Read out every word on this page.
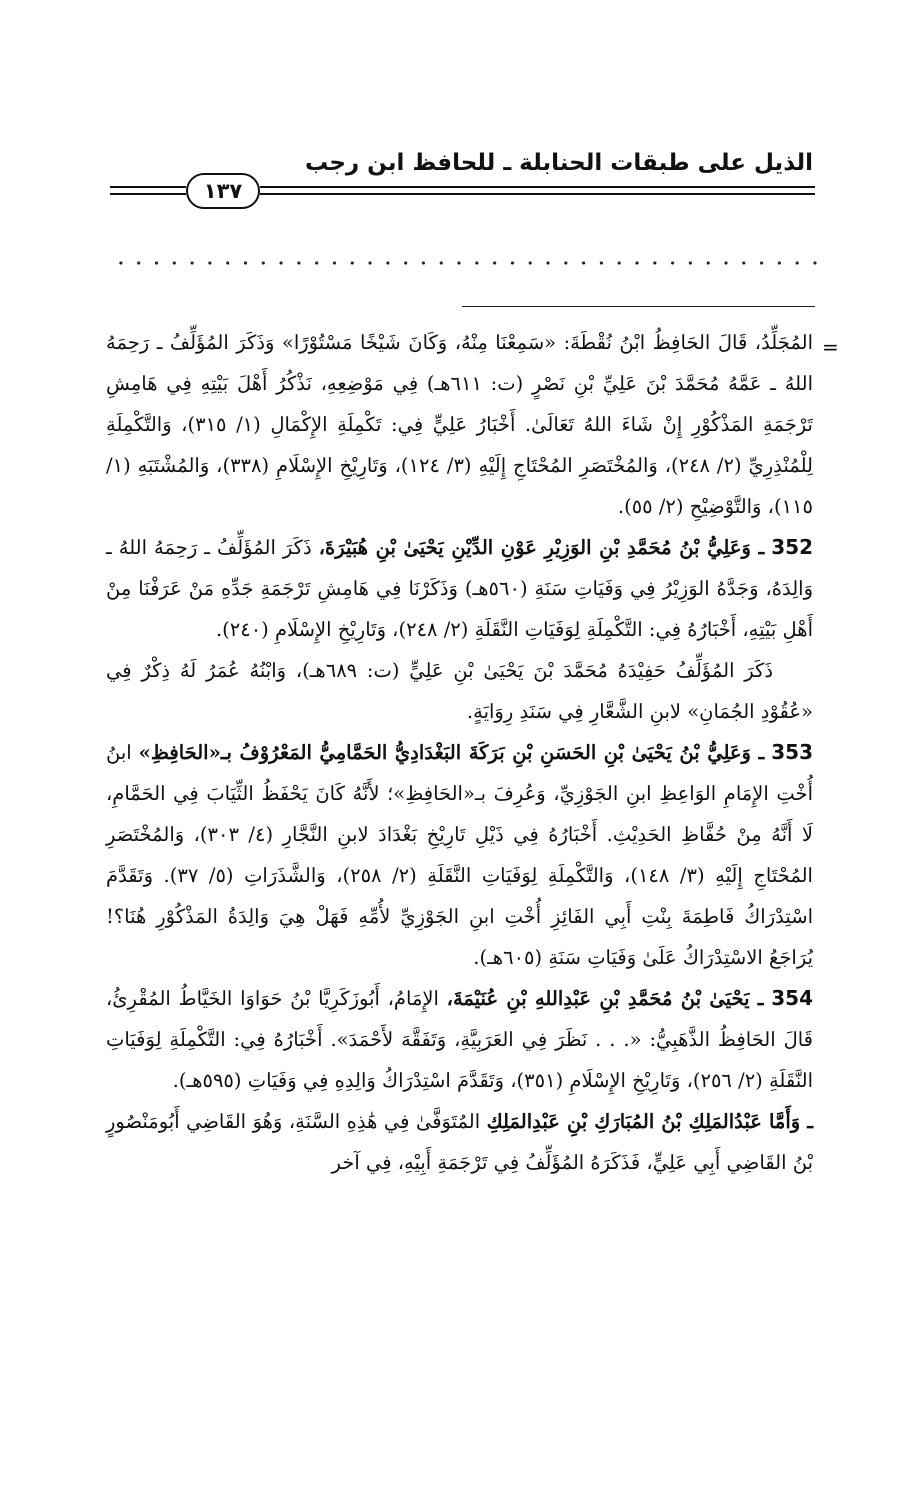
الذيل على طبقات الحنابلة ـ للحافظ ابن رجب
١٣٧
=

المُجَلِّدُ، قَالَ الحَافِظُ ابْنُ نُقْطَةَ: «سَمِعْنَا مِنْهُ، وَكَانَ شَيْخًا مَسْتُوْرًا» وَذَكَرَ المُؤَلِّفُ ـ رَحِمَهُ اللهُ ـ عَمَّهُ مُحَمَّدَ بْنَ عَلِيِّ بْنِ نَصْرٍ (ت: ٦١١هـ) فِي مَوْضِعِهِ، نَذْكُرُ أَهْلَ بَيْتِهِ فِي هَامِشِ تَرْجَمَةِ المَذْكُوْرِ إِنْ شَاءَ اللهُ تَعَالَىٰ. أَخْبَارُ عَلِيٍّ فِي: تَكْمِلَةِ الإِكْمَالِ (١/ ٣١٥)، وَالتَّكْمِلَةِ لِلْمُنْذِرِيِّ (٢/ ٢٤٨)، وَالمُخْتَصَرِ المُحْتَاجِ إِلَيْهِ (٣/ ١٢٤)، وَتَارِيْخِ الإِسْلَامِ (٣٣٨)، وَالمُشْتَبَهِ (١/ ١١٥)، وَالتَّوْضِيْحِ (٢/ ٥٥).

352 ـ وَعَلِيُّ بْنُ مُحَمَّدِ بْنِ الوَزِيْرِ عَوْنِ الدِّيْنِ يَحْيَىٰ بْنِ هُبَيْرَةَ، ذَكَرَ المُؤَلِّفُ ـ رَحِمَهُ اللهُ ـ وَالِدَهُ، وَجَدَّهُ الوَزِيْرُ فِي وَفَيَاتِ سَنَةِ (٥٦٠هـ) وَذَكَرْنَا فِي هَامِشِ تَرْجَمَةِ جَدِّهِ مَنْ عَرَفْنَا مِنْ أَهْلِ بَيْتِهِ، أَخْبَارُهُ فِي: التَّكْمِلَةِ لِوَفَيَاتِ النَّقَلَةِ (٢/ ٢٤٨)، وَتَارِيْخِ الإِسْلَامِ (٢٤٠).

ذَكَرَ المُؤَلِّفُ حَفِيْدَهُ مُحَمَّدَ بْنَ يَحْيَىٰ بْنِ عَلِيٍّ (ت: ٦٨٩هـ)، وَابْنُهُ عُمَرُ لَهُ ذِكْرٌ فِي «عُقُوْدِ الجُمَانِ» لابنِ الشَّعَّارِ فِي سَنَدِ رِوَايَةٍ.

353 ـ وَعَلِيُّ بْنُ يَحْيَىٰ بْنِ الحَسَنِ بْنِ بَرَكَةَ البَغْدَادِيُّ الحَمَّامِيُّ المَعْرُوْفُ بـ«الحَافِظِ» ابنُ أُخْتِ الإِمَامِ الوَاعِظِ ابنِ الجَوْزِيِّ، وَعُرِفَ بـ«الحَافِظِ»؛ لأَنَّهُ كَانَ يَحْفَظُ الثِّيَابَ فِي الحَمَّامِ، لَا أَنَّهُ مِنْ حُفَّاظِ الحَدِيْثِ. أَخْبَارُهُ فِي ذَيْلِ تَارِيْخِ بَغْدَادَ لابنِ النَّجَّارِ (٤/ ٣٠٣)، وَالمُخْتَصَرِ المُحْتَاجِ إِلَيْهِ (٣/ ١٤٨)، وَالتَّكْمِلَةِ لِوَفَيَاتِ النَّقَلَةِ (٢/ ٢٥٨)، وَالشَّذَرَاتِ (٥/ ٣٧). وَتَقَدَّمَ اسْتِدْرَاكُ فَاطِمَةَ بِنْتِ أَبِي الفَائِزِ أُخْتِ ابنِ الجَوْزِيِّ لأُمِّهِ فَهَلْ هِيَ وَالِدَةُ المَذْكُوْرِ هُنَا؟! يُرَاجَعُ الاسْتِدْرَاكُ عَلَىٰ وَفَيَاتِ سَنَةِ (٦٠٥هـ).

354 ـ يَحْيَىٰ بْنُ مُحَمَّدِ بْنِ عَبْدِاللهِ بْنِ عُنَيْمَةَ، الإِمَامُ، أَبُوزَكَرِيَّا بْنُ حَوَاوَا الخَيَّاطُ المُقْرِئُ، قَالَ الحَافِظُ الذَّهَبِيُّ: «. . . نَظَرَ فِي العَرَبِيَّةِ، وَتَفَقَّهَ لأَحْمَدَ». أَخْبَارُهُ فِي: التَّكْمِلَةِ لِوَفَيَاتِ النَّقَلَةِ (٢/ ٢٥٦)، وَتَارِيْخِ الإِسْلَامِ (٣٥١)، وَتَقَدَّمَ اسْتِدْرَاكُ وَالِدِهِ فِي وَفَيَاتِ (٥٩٥هـ).

ـ وَأَمَّا عَبْدُالمَلِكِ بْنُ المُبَارَكِ بْنِ عَبْدِالمَلِكِ المُتَوَفَّىٰ فِي هَٰذِهِ السَّنَةِ، وَهُوَ القَاضِي أَبُومَنْصُورٍ بْنُ القَاضِي أَبِي عَلِيٍّ، فَذَكَرَهُ المُؤَلِّفُ فِي تَرْجَمَةِ أَبِيْهِ، فِي آخر
